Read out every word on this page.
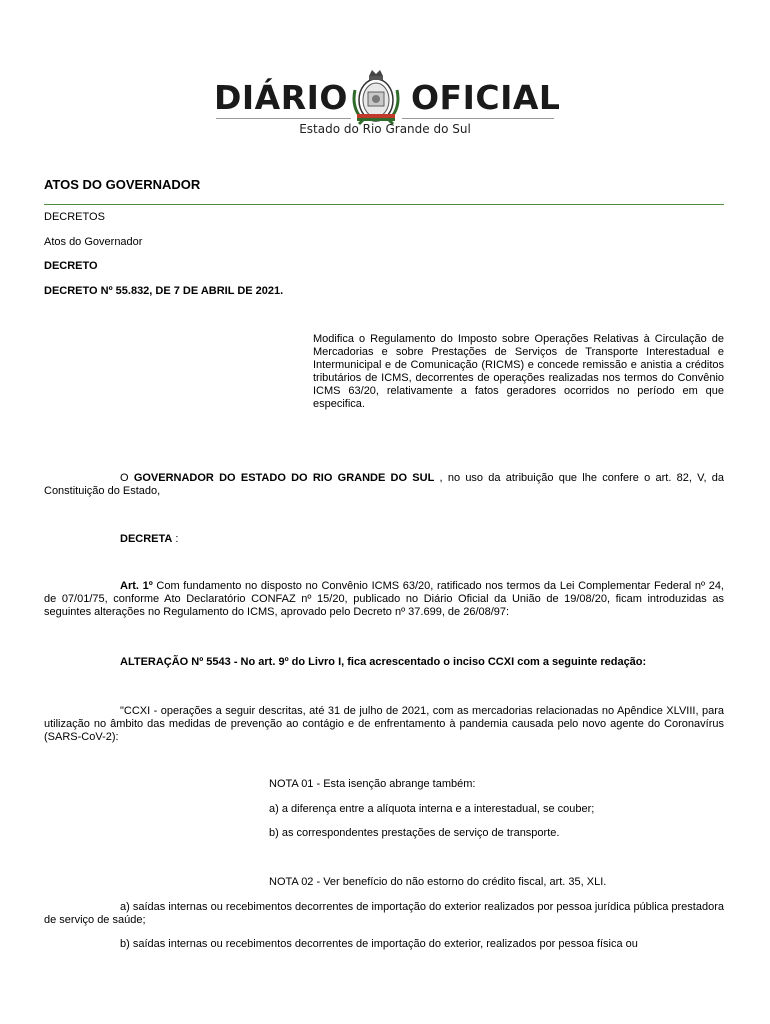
DIÁRIO OFICIAL
Estado do Rio Grande do Sul
ATOS DO GOVERNADOR
DECRETOS
Atos do Governador
DECRETO
DECRETO Nº 55.832, DE 7 DE ABRIL DE 2021.
Modifica o Regulamento do Imposto sobre Operações Relativas à Circulação de Mercadorias e sobre Prestações de Serviços de Transporte Interestadual e Intermunicipal e de Comunicação (RICMS) e concede remissão e anistia a créditos tributários de ICMS, decorrentes de operações realizadas nos termos do Convênio ICMS 63/20, relativamente a fatos geradores ocorridos no período em que especifica.
O GOVERNADOR DO ESTADO DO RIO GRANDE DO SUL , no uso da atribuição que lhe confere o art. 82, V, da Constituição do Estado,
DECRETA :
Art. 1º Com fundamento no disposto no Convênio ICMS 63/20, ratificado nos termos da Lei Complementar Federal nº 24, de 07/01/75, conforme Ato Declaratório CONFAZ nº 15/20, publicado no Diário Oficial da União de 19/08/20, ficam introduzidas as seguintes alterações no Regulamento do ICMS, aprovado pelo Decreto nº 37.699, de 26/08/97:
ALTERAÇÃO Nº 5543 - No art. 9º do Livro I, fica acrescentado o inciso CCXI com a seguinte redação:
"CCXI - operações a seguir descritas, até 31 de julho de 2021, com as mercadorias relacionadas no Apêndice XLVIII, para utilização no âmbito das medidas de prevenção ao contágio e de enfrentamento à pandemia causada pelo novo agente do Coronavírus (SARS-CoV-2):
NOTA 01 - Esta isenção abrange também:
a) a diferença entre a alíquota interna e a interestadual, se couber;
b) as correspondentes prestações de serviço de transporte.
NOTA 02 - Ver benefício do não estorno do crédito fiscal, art. 35, XLI.
a) saídas internas ou recebimentos decorrentes de importação do exterior realizados por pessoa jurídica pública prestadora de serviço de saúde;
b) saídas internas ou recebimentos decorrentes de importação do exterior, realizados por pessoa física ou
